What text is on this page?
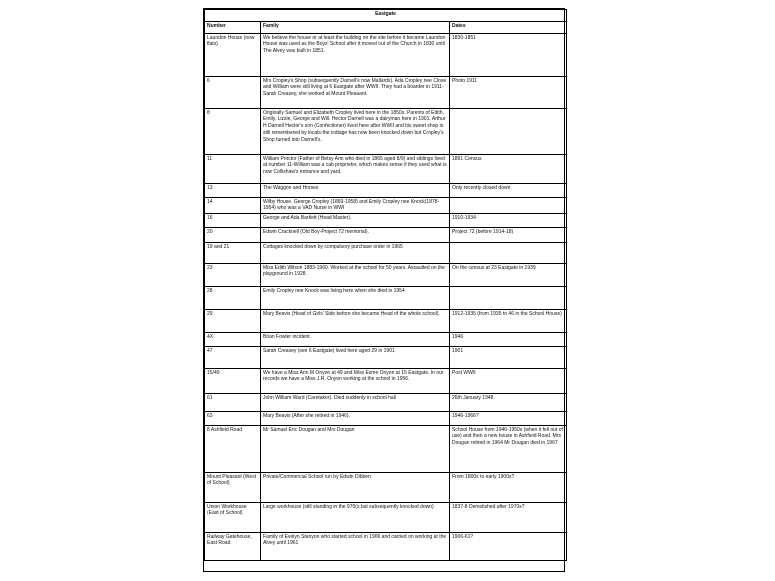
Eastgate		
Number	Family	Dates
Laundon House (now flats)	We believe the house or at least the building on the site before it became Laundon House was used as the Boys' School after it moved out of the Church in 1830 until The Alvey was built in 1851.	1830-1851
6	Mrs Cropley's Shop (subsequently Darnell's now Mallards). Ada Cropley nee Close and William were still living at 6 Eastgate after WWII. They had a boarder in 1911-Sarah Creasey, she worked at Mount Pleasant.	Photo 1911
8	Originally Samuel and Elizabeth Cropley lived here in the 1850s. Parents of Edith, Emily, Lizzie, George and Will. Hector Darnell was a dairyman here in 1901. Arthur H Darnell Hector's son (Confectioner) lived here after WWII and his sweet shop is still remembered by locals-the cottage has now been knocked down but Cropley's Shop turned into Darnell's.	
11	William Proctor (Father of Betsy Ann who died in 1865 aged 8/9) and siblings lived at number 11-William was a cab proprietor, which makes sense if they used what is now Collishaw's entrance and yard.	1891 Census
13	The Waggon and Horses	Only recently closed down
14	Wilby House. George Cropley (1869-1958) and Emily Cropley nee Knock(1878-1954) who was a VAD Nurse in WWI	
16	George and Ada Bartlett (Head Master).	1910-1934
20	Edwin Cracknell (Old Boy-Project 72 memorial).	Project 72 (before 1914-18)
19 and 21	Cottages knocked down by compulsory purchase order in 1965	
23	Miss Edith Wilson 1883-1960. Worked at the school for 50 years. Assaulted on the playground in 1928.	On the census at 23 Eastgate in 1939
28	Emily Cropley nee Knock was living here when she died in 1954	
29	Mary Beavis (Head of Girls' Side before she became Head of the whole school).	1912-1935 (from 1935 to 46 in the School House)
4X	Brian Fowler incident.	1946
47	Sarah Creasey (see 6 Eastgate) lived here aged 29 in 1901	1901
15/49	We have a Miss Ann M Onyon at 49 and Miss Esme Onyon at 15 Eastgate. In our records we have a Miss J.R. Onyon working at the school in 1956.	Post WWII
61	John William Ward (Caretaker). Died suddenly in school hall	26th January 1948
63	Mary Beavis (After she retired in 1946).	1946-1966?
8 Ashfield Road	Mr Samuel Eric Dougan and Mrs Dougan	School House from 1946-1950s (when it fell out of use) and then a new house in Ashfield Road. Mrs Dougan retired in 1964 Mr Dougan died in 1967
Mount Pleasant (West of School)	Private/Commercial School run by Edwin Dibben	From 1800s to early 1900s?
Union Workhouse (East of School)	Large workhouse (still standing in the 970(s but subsequently knocked down)	1837-8 Demolished after 1970s?
Railway Gatehouse, East Road	Family of Evelyn Stanyon who started school in 1906 and carried on working at the Alvey until 1961	1906-61?
